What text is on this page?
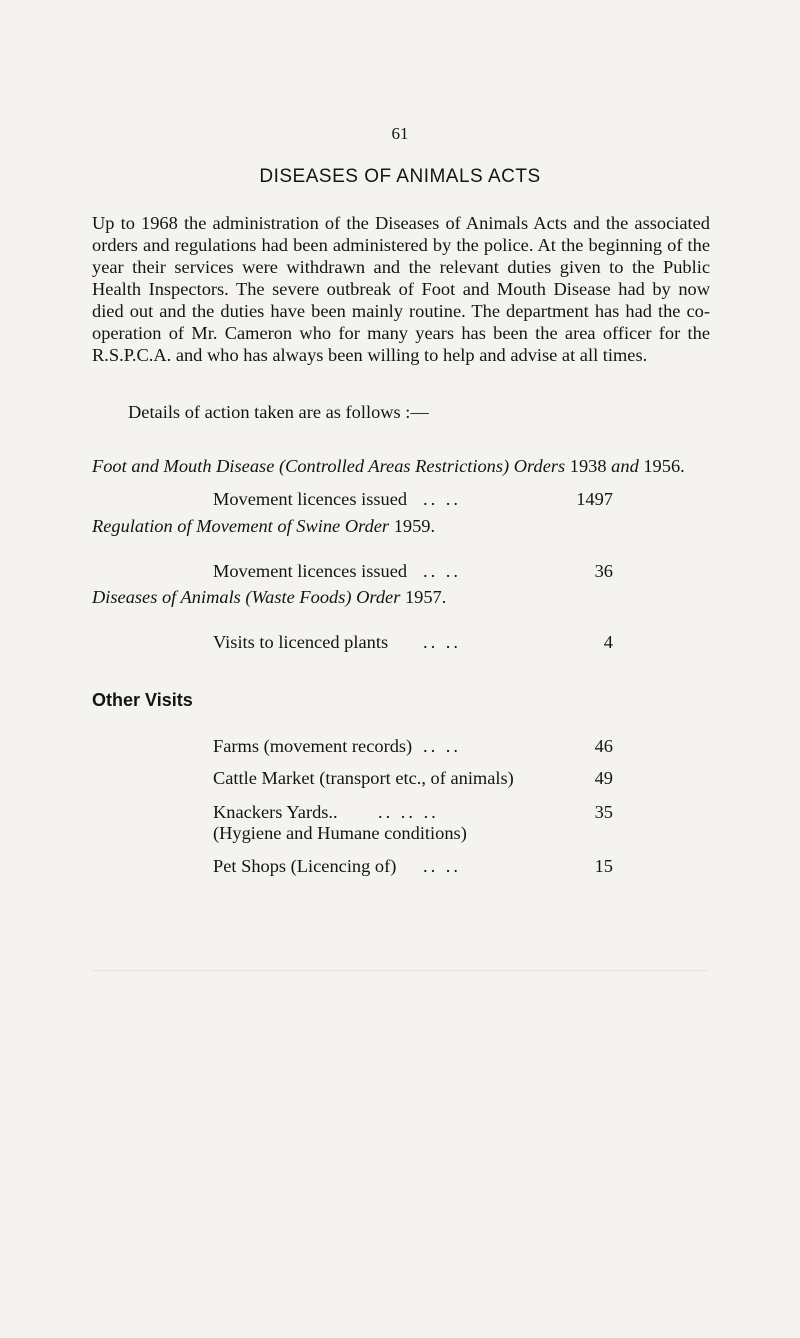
61
DISEASES OF ANIMALS ACTS

Up to 1968 the administration of the Diseases of Animals Acts and the associated orders and regulations had been administered by the police. At the beginning of the year their services were withdrawn and the relevant duties given to the Public Health Inspectors. The severe outbreak of Foot and Mouth Disease had by now died out and the duties have been mainly routine. The department has had the co-operation of Mr. Cameron who for many years has been the area officer for the R.S.P.C.A. and who has always been willing to help and advise at all times.

Details of action taken are as follows :—
Foot and Mouth Disease (Controlled Areas Restrictions) Orders 1938 and 1956.
Movement licences issued .. ..	1497
Regulation of Movement of Swine Order 1959.
Movement licences issued .. ..	36
Diseases of Animals (Waste Foods) Order 1957.
Visits to licenced plants .. ..	4
Other Visits
Farms (movement records) .. ..	46
Cattle Market (transport etc., of animals)	49
Knackers Yards.. .. .. ..	35
(Hygiene and Humane conditions)
Pet Shops (Licencing of) .. ..	15
